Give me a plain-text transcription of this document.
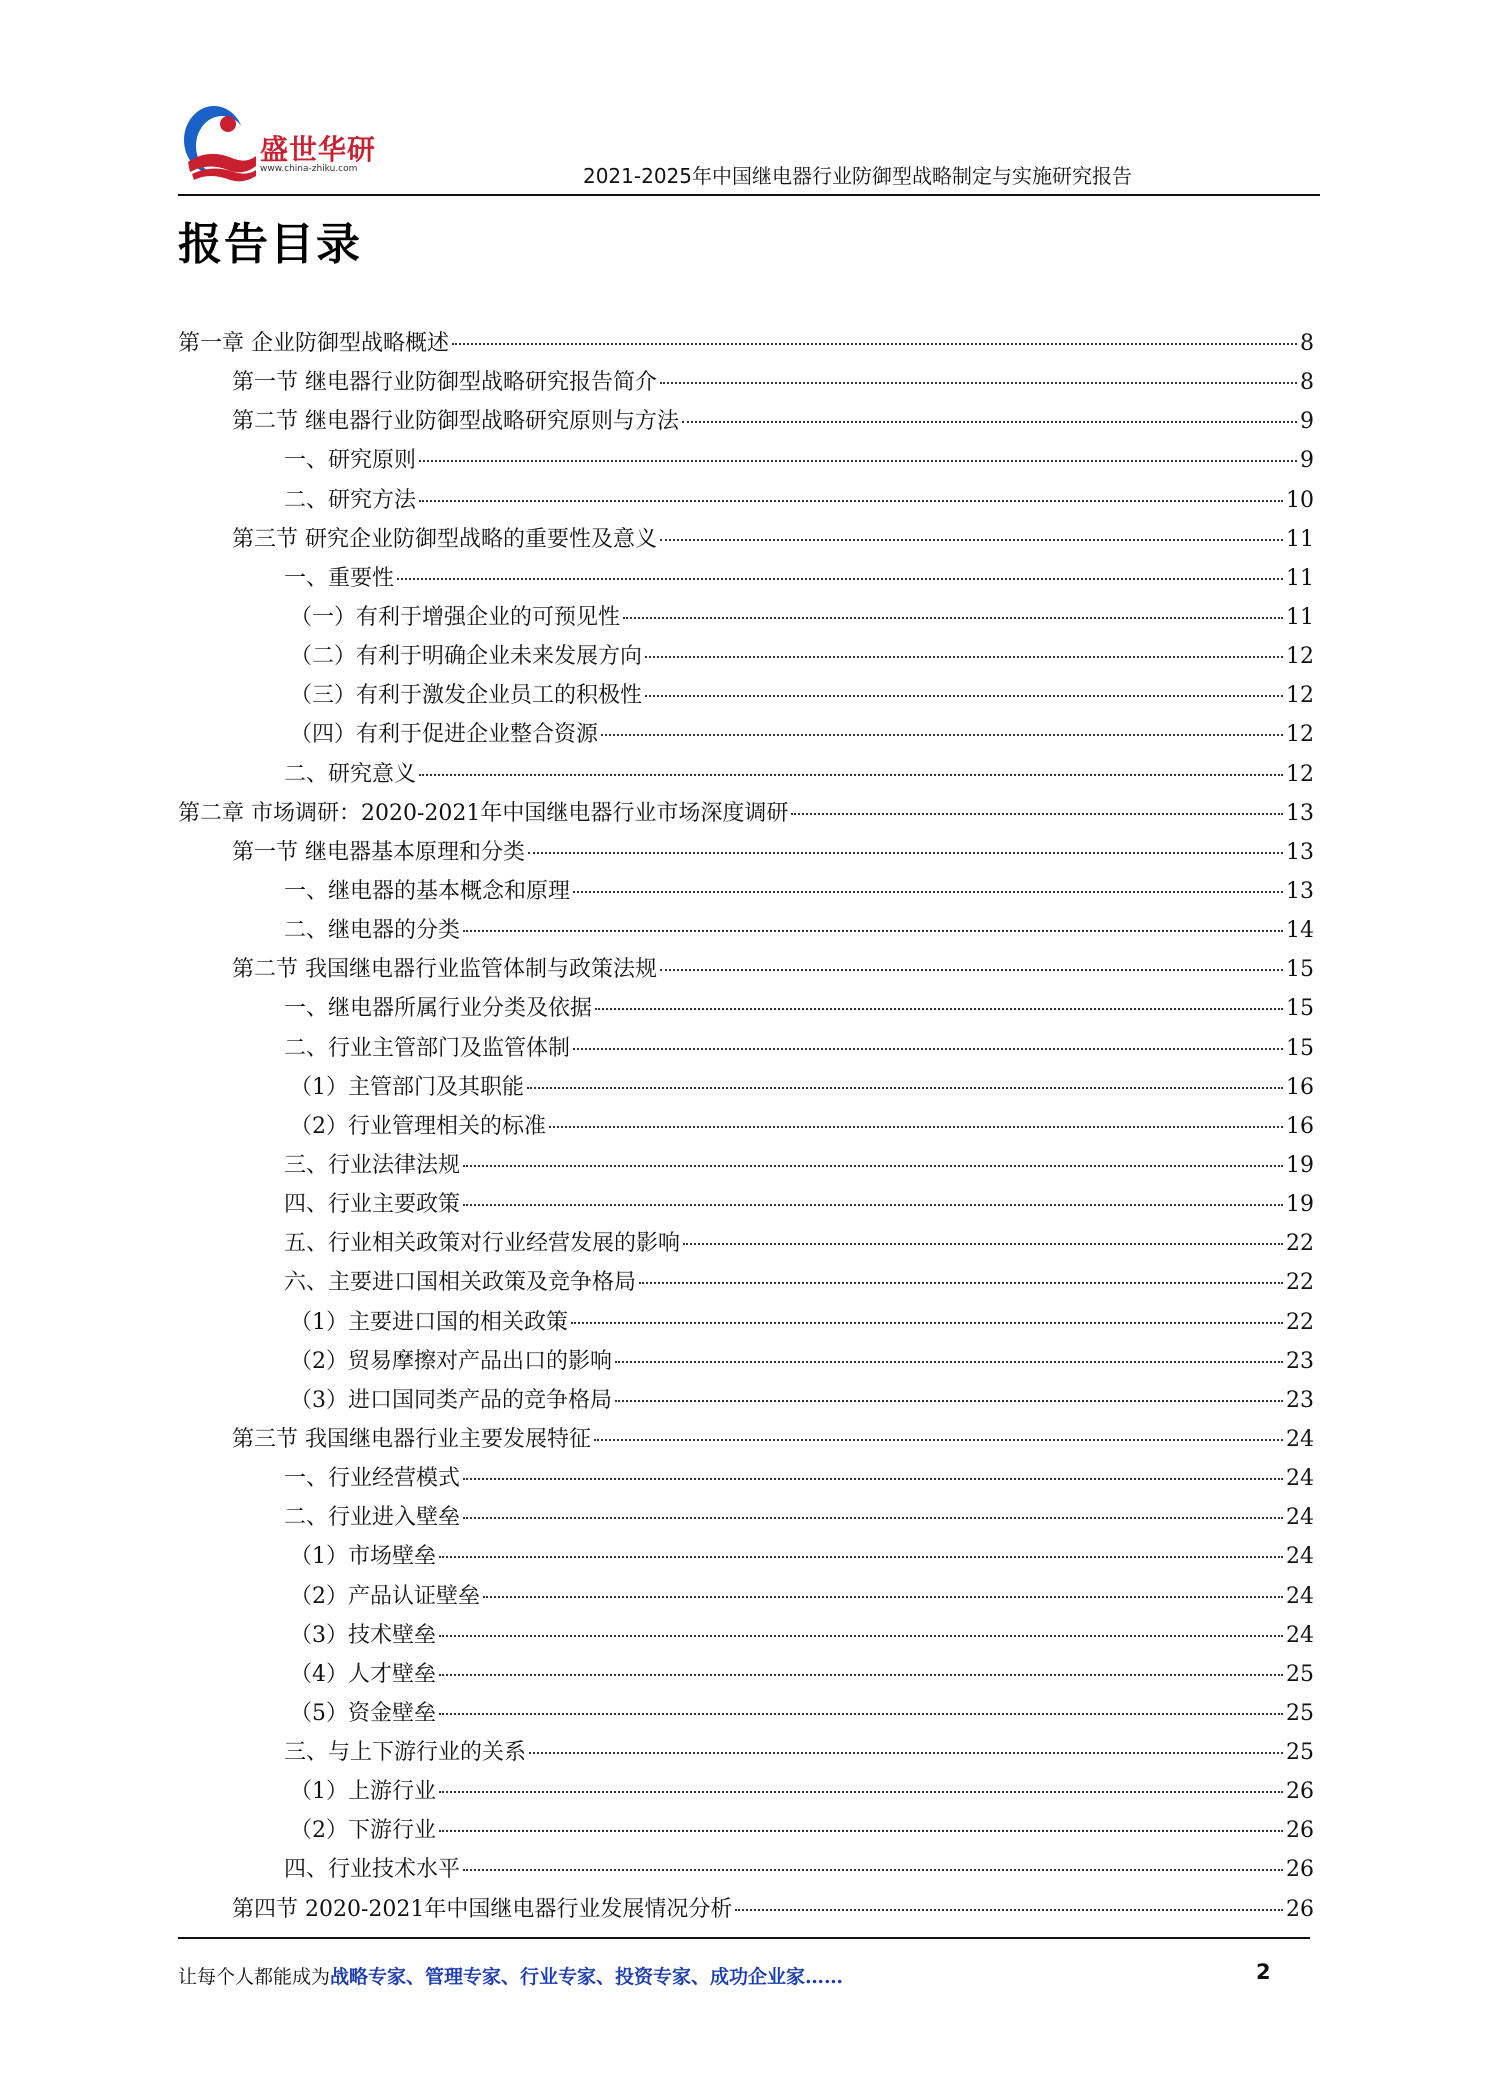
盛世华研
www.china-zhiku.com	2021-2025年中国继电器行业防御型战略制定与实施研究报告
报告目录
第一章 企业防御型战略概述	8
第一节 继电器行业防御型战略研究报告简介	8
第二节 继电器行业防御型战略研究原则与方法	9
一、研究原则	9
二、研究方法	10
第三节 研究企业防御型战略的重要性及意义	11
一、重要性	11
（一）有利于增强企业的可预见性	11
（二）有利于明确企业未来发展方向	12
（三）有利于激发企业员工的积极性	12
（四）有利于促进企业整合资源	12
二、研究意义	12
第二章 市场调研：2020-2021年中国继电器行业市场深度调研	13
第一节 继电器基本原理和分类	13
一、继电器的基本概念和原理	13
二、继电器的分类	14
第二节 我国继电器行业监管体制与政策法规	15
一、继电器所属行业分类及依据	15
二、行业主管部门及监管体制	15
（1）主管部门及其职能	16
（2）行业管理相关的标准	16
三、行业法律法规	19
四、行业主要政策	19
五、行业相关政策对行业经营发展的影响	22
六、主要进口国相关政策及竞争格局	22
（1）主要进口国的相关政策	22
（2）贸易摩擦对产品出口的影响	23
（3）进口国同类产品的竞争格局	23
第三节 我国继电器行业主要发展特征	24
一、行业经营模式	24
二、行业进入壁垒	24
（1）市场壁垒	24
（2）产品认证壁垒	24
（3）技术壁垒	24
（4）人才壁垒	25
（5）资金壁垒	25
三、与上下游行业的关系	25
（1）上游行业	26
（2）下游行业	26
四、行业技术水平	26
第四节 2020-2021年中国继电器行业发展情况分析	26
让每个人都能成为战略专家、管理专家、行业专家、投资专家、成功企业家……	2
